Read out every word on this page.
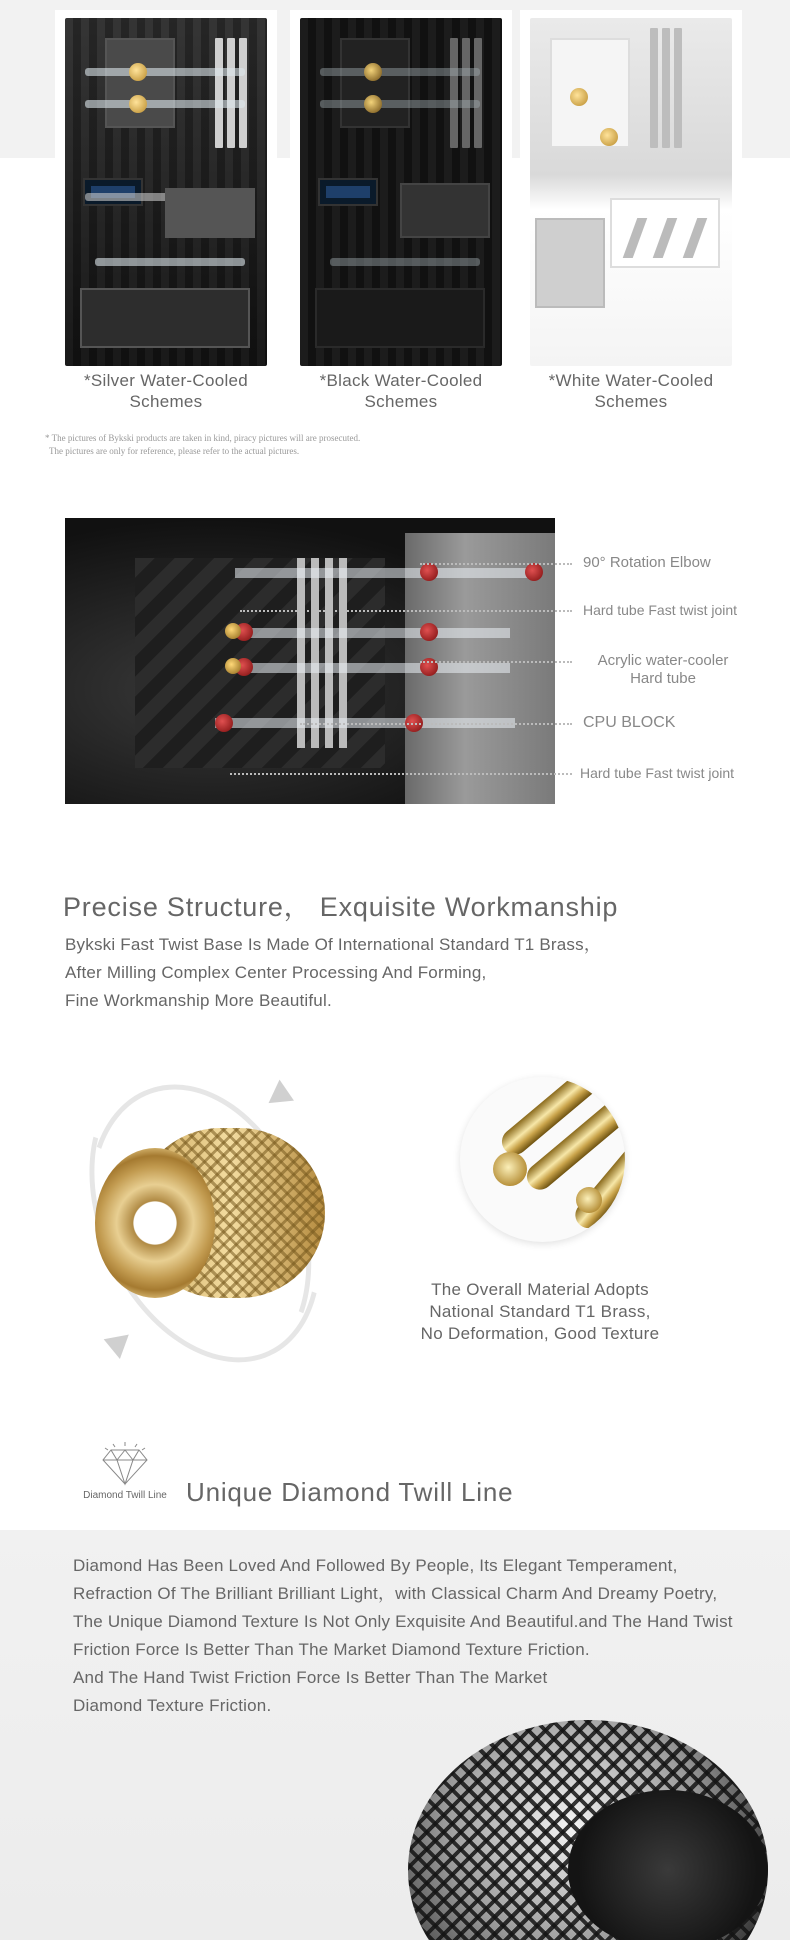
*Silver Water-Cooled
Schemes
*Black Water-Cooled
Schemes
*White Water-Cooled
Schemes
* The pictures of Bykski products are taken in kind, piracy pictures will are prosecuted.
The pictures are only for reference, please refer to the actual pictures.
90° Rotation Elbow
Hard tube Fast twist joint
Acrylic water-cooler
Hard tube
CPU BLOCK
Hard tube Fast twist joint
Precise Structure， Exquisite Workmanship
Bykski Fast Twist Base Is Made Of International Standard T1 Brass，
After Milling Complex Center Processing And Forming,
Fine Workmanship More Beautiful.
The Overall Material Adopts
National Standard T1 Brass,
No Deformation, Good Texture
Diamond Twill Line Unique Diamond Twill Line
Diamond Has Been Loved And Followed By People, Its Elegant Temperament,
Refraction Of The Brilliant Brilliant Light，with Classical Charm And Dreamy Poetry,
The Unique Diamond Texture Is Not Only Exquisite And Beautiful.and The Hand Twist
Friction Force Is Better Than The Market Diamond Texture Friction.
And The Hand Twist Friction Force Is Better Than The Market
Diamond Texture Friction.
